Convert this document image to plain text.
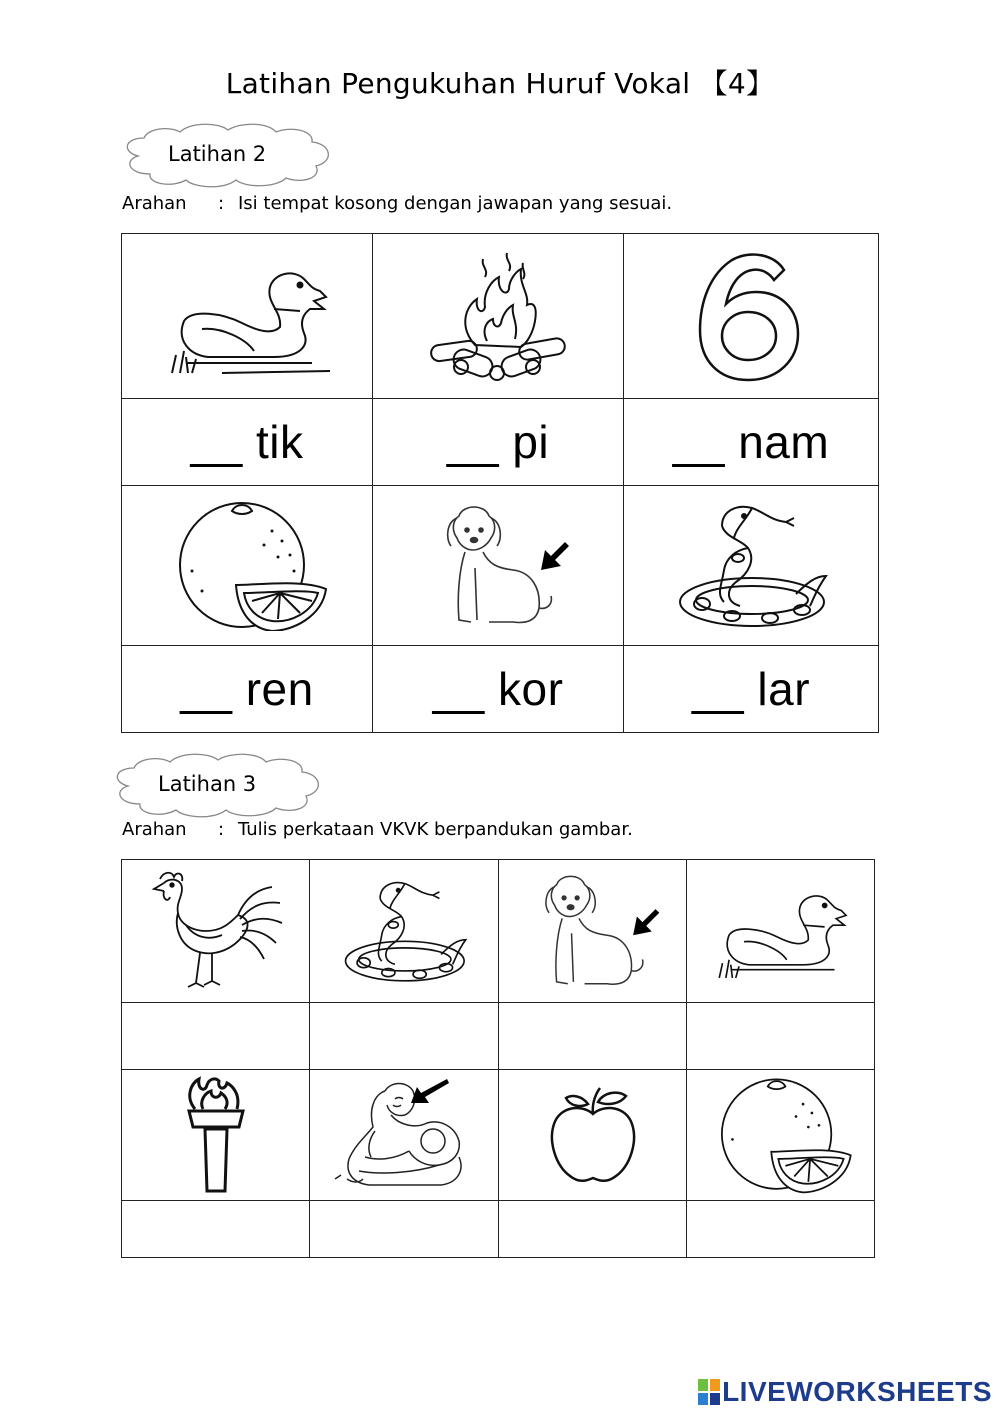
Latihan Pengukuhan Huruf Vokal 【4】
Latihan 2
Arahan : Isi tempat kosong dengan jawapan yang sesuai.

__ tik	__ pi	__ nam

__ ren	__ kor	__ lar
Latihan 3
Arahan : Tulis perkataan VKVK berpandukan gambar.

LIVEWORKSHEETS
